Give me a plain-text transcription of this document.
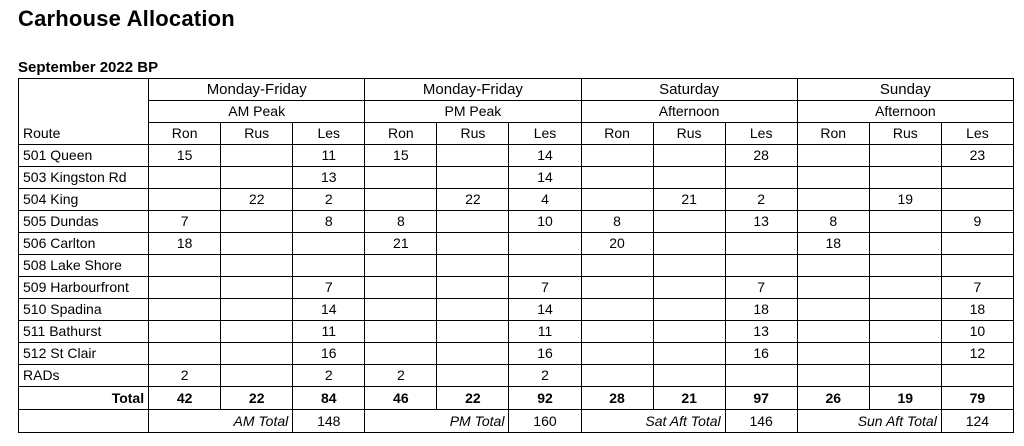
Carhouse Allocation
September 2022 BP
Route	Monday-Friday			Monday-Friday			Saturday			Sunday		
	AM Peak			PM Peak			Afternoon			Afternoon		
	Ron	Rus	Les	Ron	Rus	Les	Ron	Rus	Les	Ron	Rus	Les
501 Queen	15		11	15		14			28			23
503 Kingston Rd			13			14						
504 King		22	2		22	4		21	2		19	
505 Dundas	7		8	8		10	8		13	8		9
506 Carlton	18			21			20			18		
508 Lake Shore												
509 Harbourfront			7			7			7			7
510 Spadina			14			14			18			18
511 Bathurst			11			11			13			10
512 St Clair			16			16			16			12
RADs	2		2	2		2						
Total	42	22	84	46	22	92	28	21	97	26	19	79
	AM Total		148	PM Total		160	Sat Aft Total		146	Sun Aft Total		124
